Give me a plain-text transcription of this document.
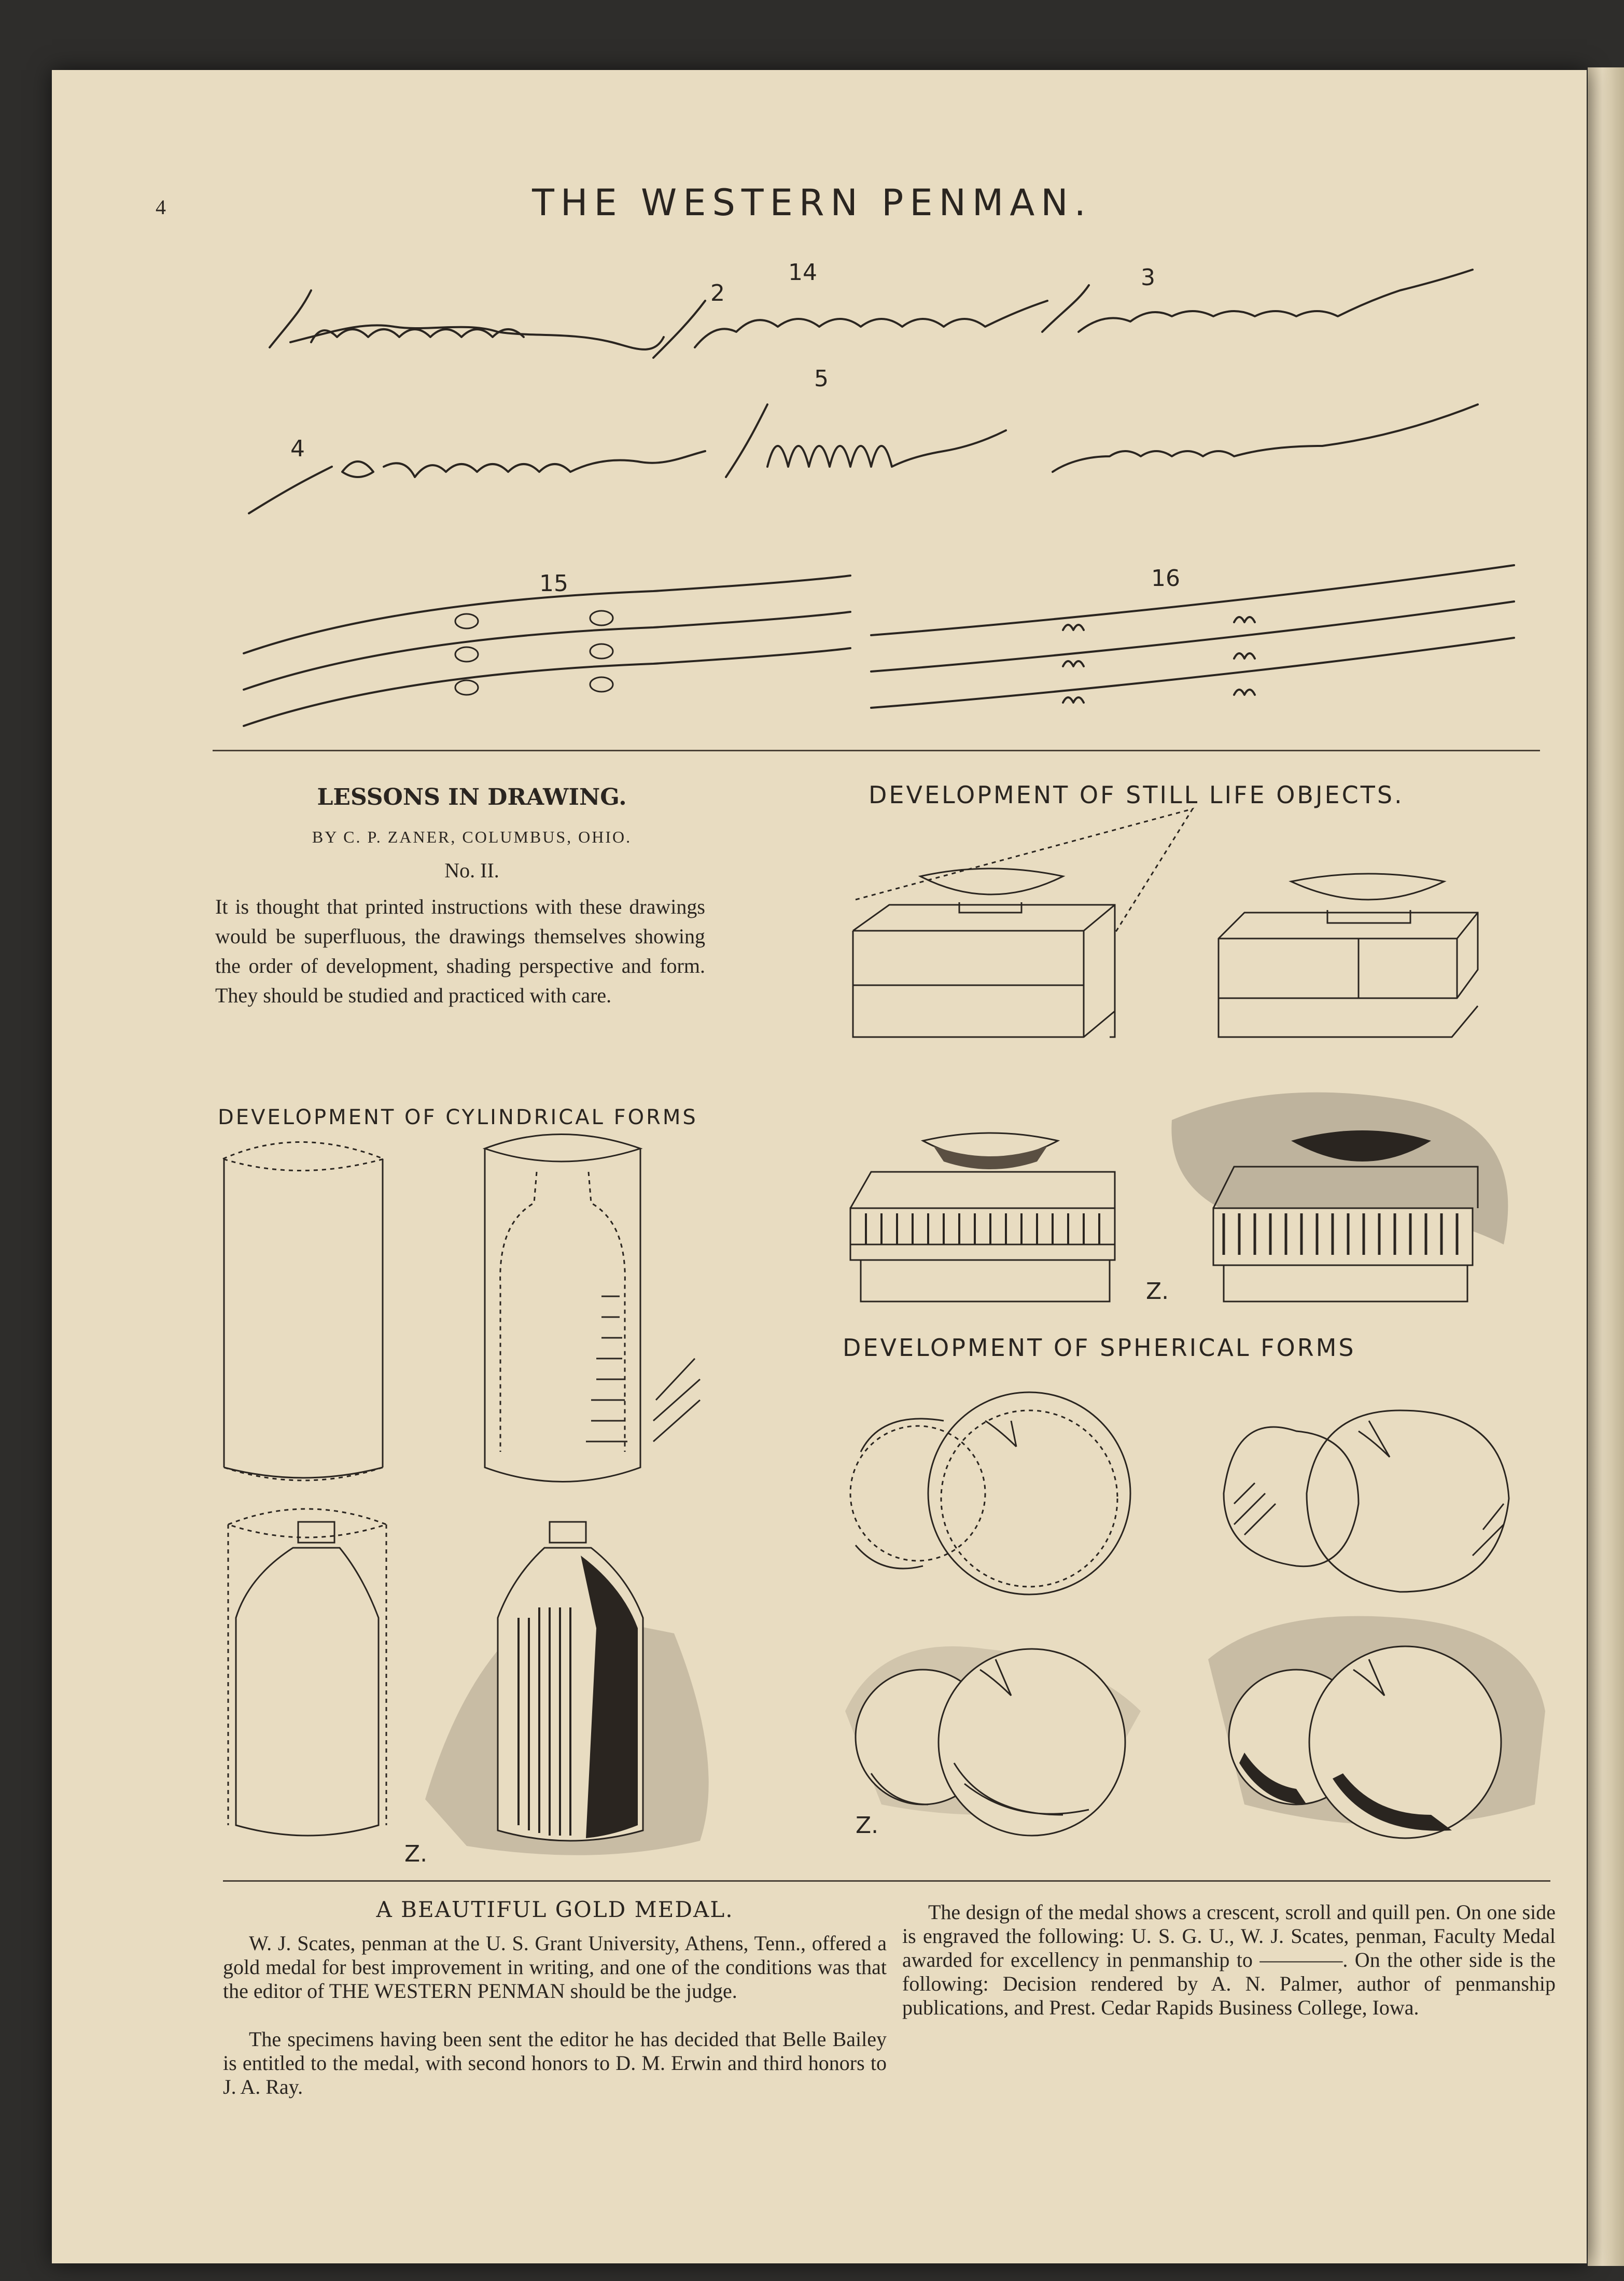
4	THE WESTERN PENMAN.
14
2
3
5
4
15	16
LESSONS IN DRAWING.
BY C. P. ZANER, COLUMBUS, OHIO.
No. II.
It is thought that printed instructions with these drawings would be superfluous, the drawings themselves showing the order of development, shading perspective and form. They should be studied and practiced with care.
DEVELOPMENT OF STILL LIFE OBJECTS.
DEVELOPMENT OF CYLINDRICAL FORMS
DEVELOPMENT OF SPHERICAL FORMS
Z.
Z.
Z.
A BEAUTIFUL GOLD MEDAL.
W. J. Scates, penman at the U. S. Grant University, Athens, Tenn., offered a gold medal for best improvement in writing, and one of the conditions was that the editor of THE WESTERN PENMAN should be the judge.
The specimens having been sent the editor he has decided that Belle Bailey is entitled to the medal, with second honors to D. M. Erwin and third honors to J. A. Ray.
The design of the medal shows a crescent, scroll and quill pen. On one side is engraved the following: U. S. G. U., W. J. Scates, penman, Faculty Medal awarded for excellency in penmanship to ————. On the other side is the following: Decision rendered by A. N. Palmer, author of penmanship publications, and Prest. Cedar Rapids Business College, Iowa.
